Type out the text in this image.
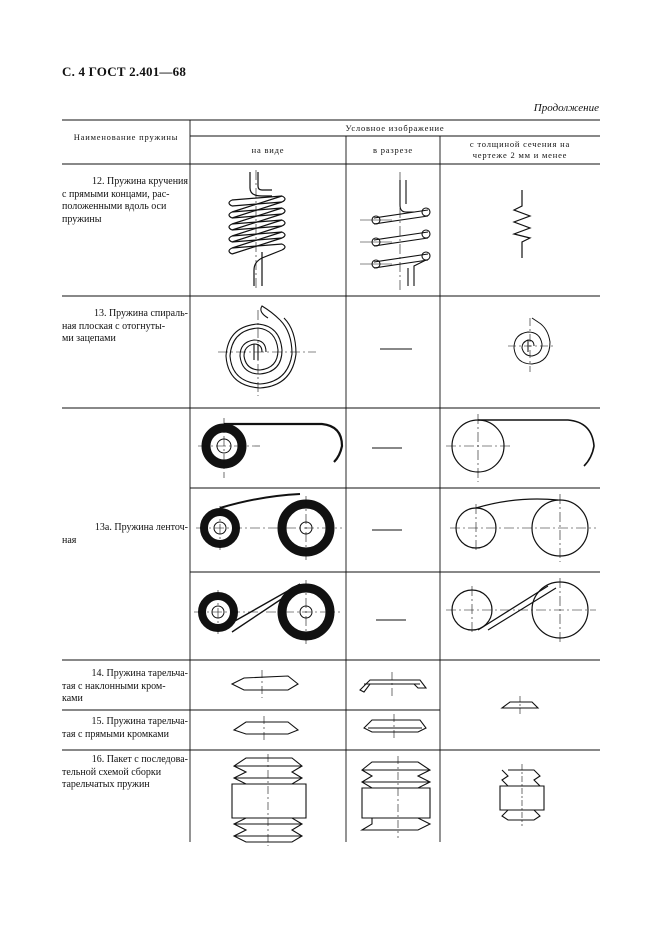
С. 4 ГОСТ 2.401—68
Продолжение
Наименование пружины
Условное изображение
на виде	в разрезе
с толщиной сечения на
чертеже 2 мм и менее
12. Пружина кручения
с прямыми концами, рас-
положенными вдоль оси
пружины
13. Пружина спираль-
ная плоская с отогнуты-
ми зацепами
13а. Пружина ленточ-
ная
14. Пружина тарельча-
тая с наклонными кром-
ками
15. Пружина тарельча-
тая с прямыми кромками
16. Пакет с последова-
тельной схемой сборки
тарельчатых пружин
